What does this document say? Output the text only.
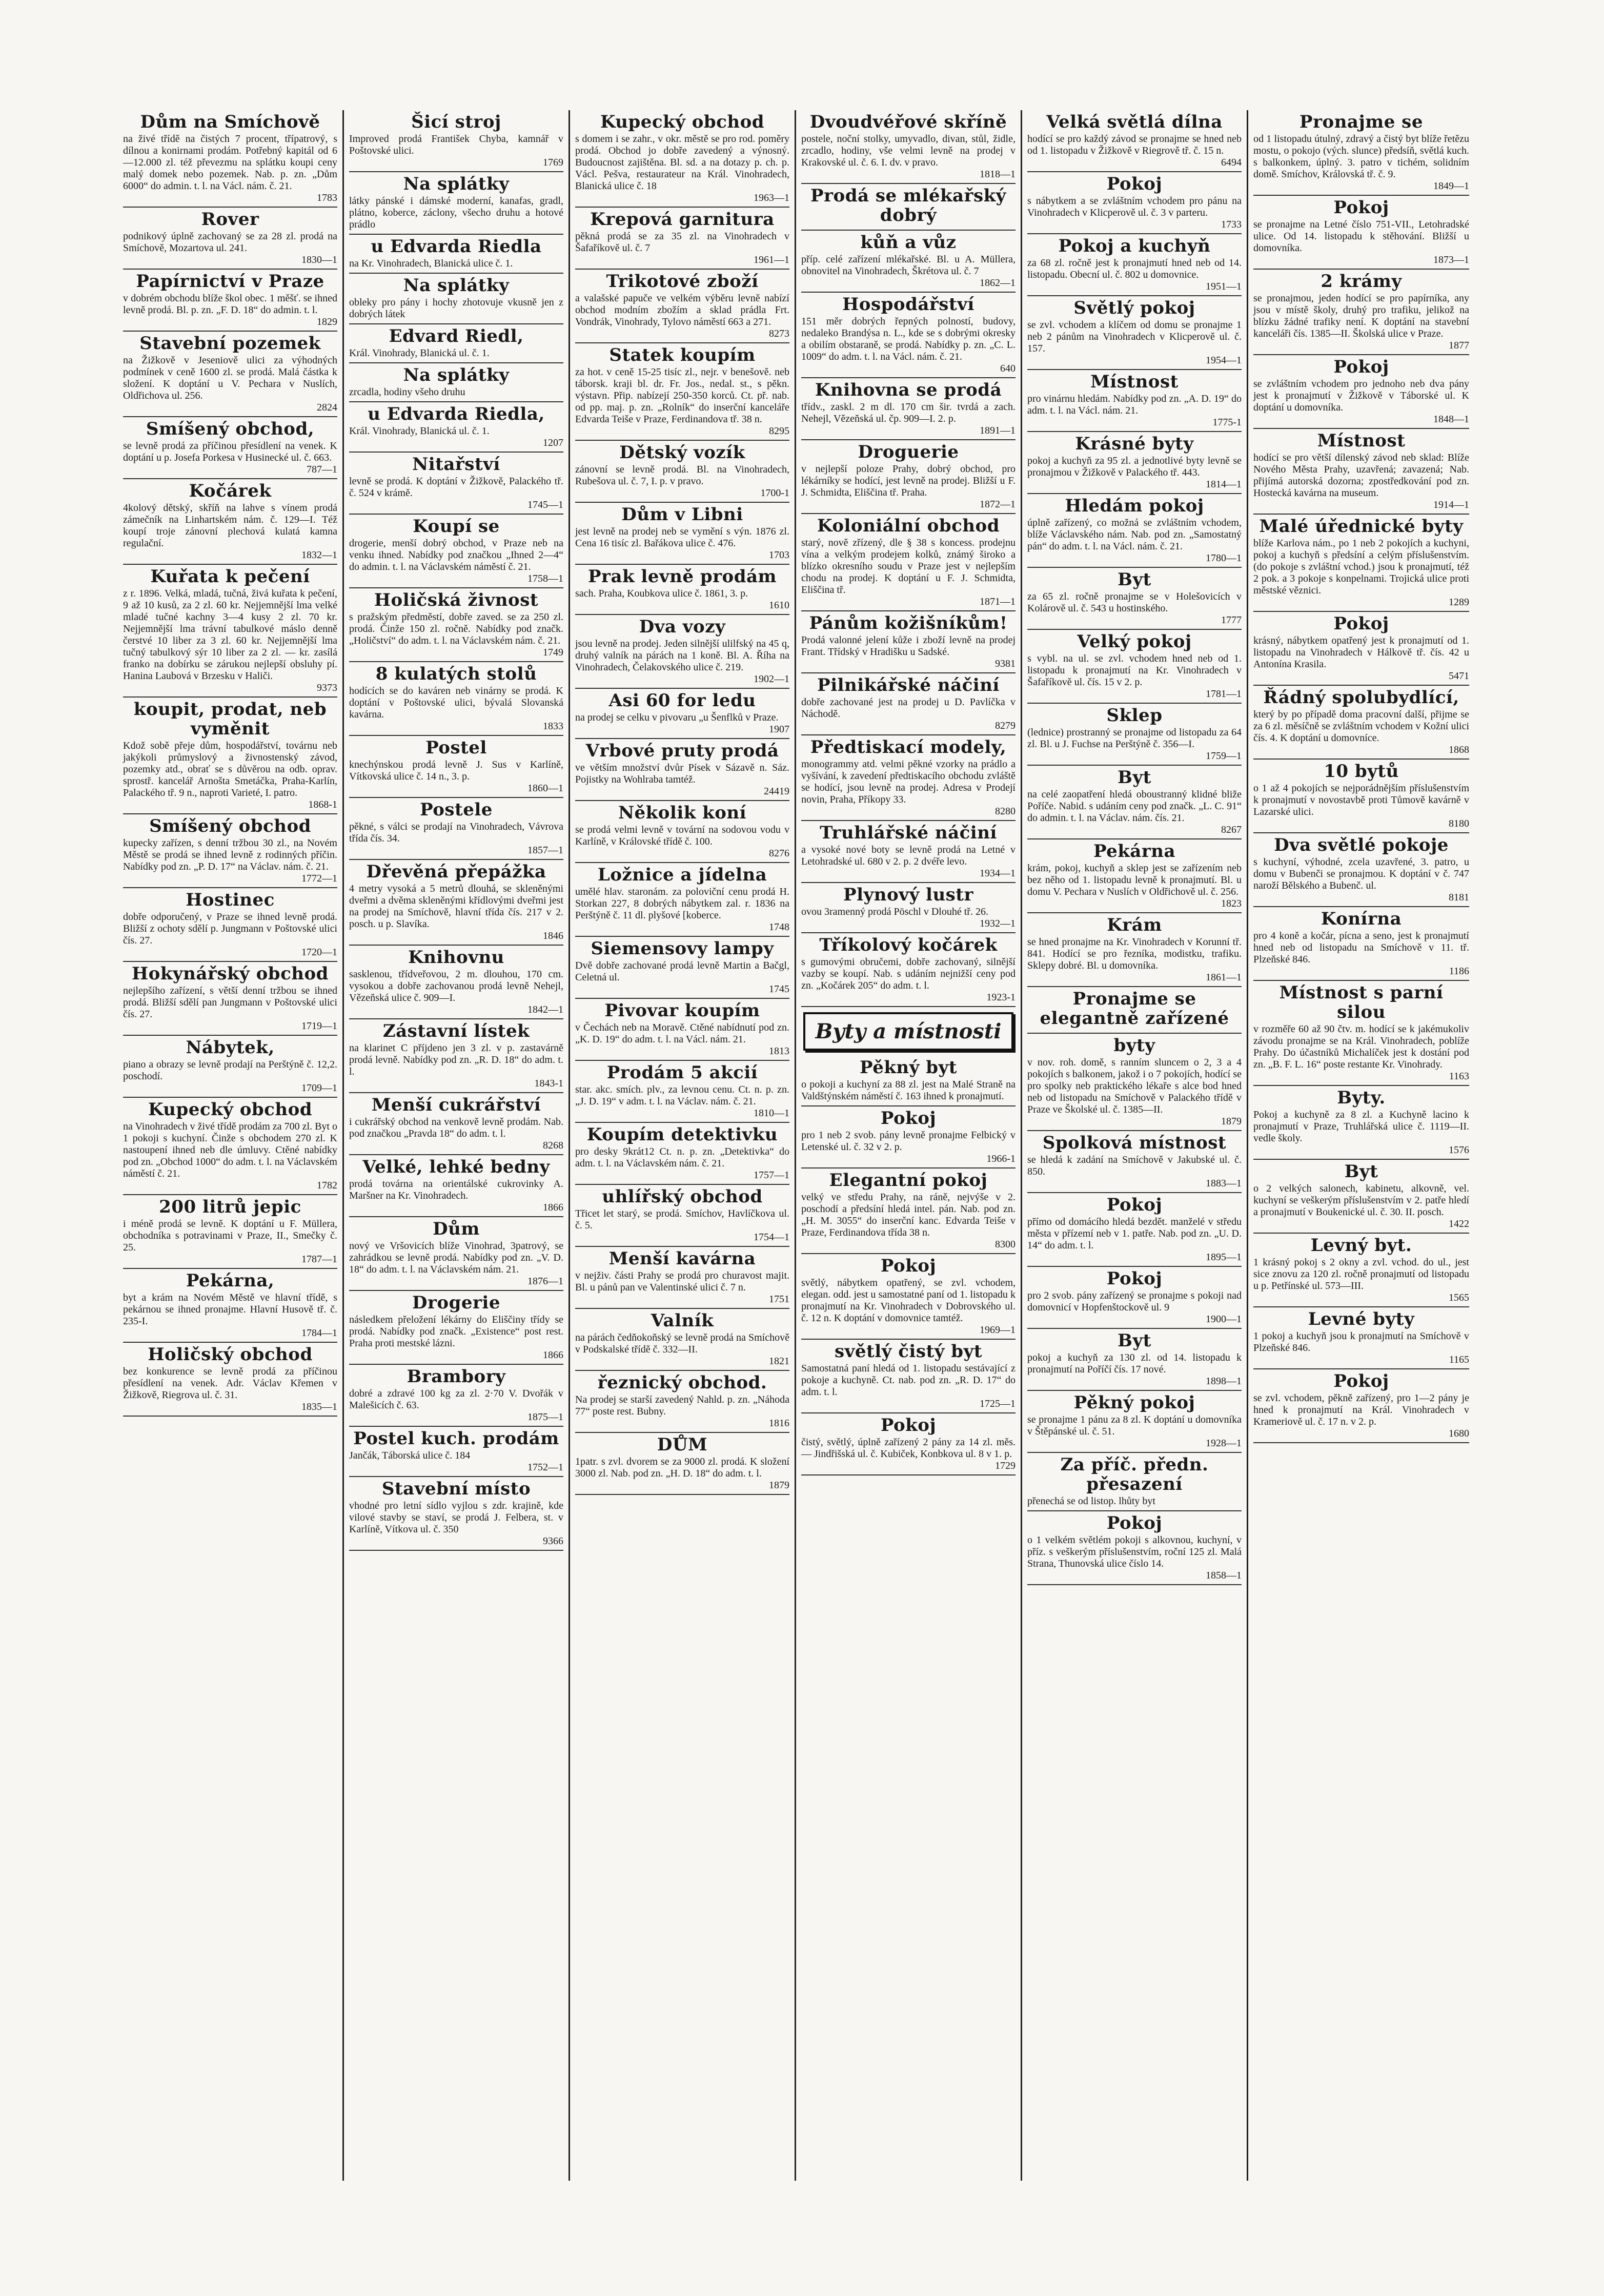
Dům na Smíchově

na živé třídě na čistých 7 procent, třípatrový, s dílnou a konirnami prodám. Potřebný kapitál od 6—12.000 zl. též převezmu na splátku koupi ceny malý domek nebo pozemek. Nab. p. zn. „Dům 6000“ do admin. t. l. na Václ. nám. č. 21.

1783
Rover

podnikový úplně zachovaný se za 28 zl. prodá na Smíchově, Mozartova ul. 241.

1830—1
Papírnictví v Praze

v dobrém obchodu blíže škol obec. 1 měšť. se ihned levně prodá. Bl. p. zn. „F. D. 18“ do admin. t. l.

1829
Stavební pozemek

na Žižkově v Jeseniově ulici za výhodných podmínek v ceně 1600 zl. se prodá. Malá částka k složení. K doptání u V. Pechara v Nuslích, Oldřichova ul. 256.

2824
Smíšený obchod,

se levně prodá za příčinou přesídlení na venek. K doptání u p. Josefa Porkesa v Husinecké ul. č. 663.

787—1
Kočárek

4kolový dětský, skříň na lahve s vínem prodá zámečník na Linhartském nám. č. 129—I. Též koupí troje zánovní plechová kulatá kamna regulační.

1832—1
Kuřata k pečení

z r. 1896. Velká, mladá, tučná, živá kuřata k pečení, 9 až 10 kusů, za 2 zl. 60 kr. Nejjemnější lma velké mladé tučné kachny 3—4 kusy 2 zl. 70 kr. Nejjemnější lma trávní tabulkové máslo denně čerstvé 10 liber za 3 zl. 60 kr. Nejjemnější lma tučný tabulkový sýr 10 liber za 2 zl. — kr. zasílá franko na dobírku se zárukou nejlepší obsluhy pí. Hanina Laubová v Brzesku v Haliči.

9373
koupit, prodat, neb vyměnit

Kdož sobě přeje dům, hospodářství, továrnu neb jakýkoli průmyslový a živnostenský závod, pozemky atd., obrať se s důvěrou na odb. oprav. sprostř. kancelář Arnošta Smetáčka, Praha-Karlín, Palackého tř. 9 n., naproti Varieté, I. patro.

1868-1
Smíšený obchod

kupecky zařízen, s denní tržbou 30 zl., na Novém Městě se prodá se ihned levně z rodinných příčin. Nabídky pod zn. „P. D. 17“ na Václav. nám. č. 21.

1772—1
Hostinec

dobře odporučený, v Praze se ihned levně prodá. Bližší z ochoty sdělí p. Jungmann v Poštovské ulici čís. 27.

1720—1
Hokynářský obchod

nejlepšího zařízení, s větší denní tržbou se ihned prodá. Bližší sdělí pan Jungmann v Poštovské ulici čís. 27.

1719—1
Nábytek,

piano a obrazy se levně prodají na Perštýně č. 12,2. poschodí.

1709—1
Kupecký obchod

na Vinohradech v živé třídě prodám za 700 zl. Byt o 1 pokoji s kuchyní. Činže s obchodem 270 zl. K nastoupení ihned neb dle úmluvy. Ctěné nabídky pod zn. „Obchod 1000“ do adm. t. l. na Václavském náměstí č. 21.

1782
200 litrů jepic

i méně prodá se levně. K doptání u F. Müllera, obchodníka s potravinami v Praze, II., Smečky č. 25.

1787—1
Pekárna,

byt a krám na Novém Městě ve hlavní třídě, s pekárnou se ihned pronajme. Hlavní Husově tř. č. 235-I.

1784—1
Holičský obchod

bez konkurence se levně prodá za příčinou přesídlení na venek. Adr. Václav Křemen v Žižkově, Riegrova ul. č. 31.

1835—1
Šicí stroj

Improved prodá František Chyba, kamnář v Poštovské ulici.

1769
Na splátky

látky pánské i dámské moderní, kanafas, gradl, plátno, koberce, záclony, všecho druhu a hotové prádlo

u Edvarda Riedla

na Kr. Vinohradech, Blanická ulice č. 1.

Na splátky

obleky pro pány i hochy zhotovuje vkusně jen z dobrých látek

Edvard Riedl,

Král. Vinohrady, Blanická ul. č. 1.

Na splátky

zrcadla, hodiny všeho druhu

u Edvarda Riedla,

Král. Vinohrady, Blanická ul. č. 1.

1207
Nitařství

levně se prodá. K doptání v Žižkově, Palackého tř. č. 524 v krámě.

1745—1
Koupí se

drogerie, menší dobrý obchod, v Praze neb na venku ihned. Nabídky pod značkou „Ihned 2—4“ do admin. t. l. na Václavském náměstí č. 21.

1758—1
Holičská živnost

s pražským předměstí, dobře zaved. se za 250 zl. prodá. Činže 150 zl. ročně. Nabídky pod značk. „Holičství“ do adm. t. l. na Václavském nám. č. 21.

1749
8 kulatých stolů

hodících se do kaváren neb vinárny se prodá. K doptání v Poštovské ulici, bývalá Slovanská kavárna.

1833
Postel

knechýnskou prodá levně J. Sus v Karlíně, Vítkovská ulice č. 14 n., 3. p.

1860—1
Postele

pěkné, s válci se prodají na Vinohradech, Vávrova třída čís. 34.

1857—1
Dřevěná přepážka

4 metry vysoká a 5 metrů dlouhá, se skleněnými dveřmi a dvěma skleněnými křídlovými dveřmi jest na prodej na Smíchově, hlavní třída čís. 217 v 2. posch. u p. Slavíka.

1846
Knihovnu

sasklenou, třídveřovou, 2 m. dlouhou, 170 cm. vysokou a dobře zachovanou prodá levně Nehejl, Vězeňská ulice č. 909—I.

1842—1
Zástavní lístek

na klarinet C příjdeno jen 3 zl. v p. zastavárně prodá levně. Nabídky pod zn. „R. D. 18“ do adm. t. l.

1843-1
Menší cukrářství

i cukrářský obchod na venkově levně prodám. Nab. pod značkou „Pravda 18“ do adm. t. l.

8268
Velké, lehké bedny

prodá továrna na orientálské cukrovinky A. Maršner na Kr. Vinohradech.

1866
Dům

nový ve Vršovicích blíže Vinohrad, 3patrový, se zahrádkou se levně prodá. Nabídky pod zn. „V. D. 18“ do adm. t. l. na Václavském nám. 21.

1876—1
Drogerie

následkem přeložení lékárny do Eliščiny třídy se prodá. Nabídky pod značk. „Existence“ post rest. Praha proti mestské lázni.

1866
Brambory

dobré a zdravé 100 kg za zl. 2·70 V. Dvořák v Malešicích č. 63.

1875—1
Postel kuch. prodám

Jančák, Táborská ulice č. 184

1752—1
Stavební místo

vhodné pro letní sídlo vyjlou s zdr. krajině, kde vilové stavby se staví, se prodá J. Felbera, st. v Karlíně, Vítkova ul. č. 350

9366
Kupecký obchod

s domem i se zahr., v okr. městě se pro rod. poměry prodá. Obchod jo dobře zavedený a výnosný. Budoucnost zajištěna. Bl. sd. a na dotazy p. ch. p. Václ. Pešva, restaurateur na Král. Vinohradech, Blanická ulice č. 18

1963—1
Krepová garnitura

pěkná prodá se za 35 zl. na Vinohradech v Šafaříkově ul. č. 7

1961—1
Trikotové zboží

a valašské papuče ve velkém výběru levně nabízí obchod modním zbožím a sklad prádla Frt. Vondrák, Vinohrady, Tylovo náměstí 663 a 271.

8273
Statek koupím

za hot. v ceně 15-25 tisíc zl., nejr. v benešově. neb táborsk. kraji bl. dr. Fr. Jos., nedal. st., s pěkn. výstavn. Přip. nabízejí 250-350 korců. Ct. př. nab. od pp. maj. p. zn. „Rolník“ do inserční kanceláře Edvarda Teiše v Praze, Ferdinandova tř. 38 n.

8295
Dětský vozík

zánovní se levně prodá. Bl. na Vinohradech, Rubešova ul. č. 7, I. p. v pravo.

1700-1
Dům v Libni

jest levně na prodej neb se vymění s výn. 1876 zl. Cena 16 tisíc zl. Bařákova ulice č. 476.

1703
Prak levně prodám

sach. Praha, Koubkova ulice č. 1861, 3. p.

1610
Dva vozy

jsou levně na prodej. Jeden silnější ulilfský na 45 q, druhý valník na párách na 1 koně. Bl. A. Říha na Vinohradech, Čelakovského ulice č. 219.

1902—1
Asi 60 for ledu

na prodej se celku v pivovaru „u Šenflků v Praze.

1907
Vrbové pruty prodá

ve větším množství dvůr Písek v Sázavě n. Sáz. Pojistky na Wohlraba tamtéž.

24419
Několik koní

se prodá velmi levně v tovární na sodovou vodu v Karlíně, v Královské třídě č. 100.

8276
Ložnice a jídelna

umělé hlav. staronám. za poloviční cenu prodá H. Storkan 227, 8 dobrých nábytkem zal. r. 1836 na Perštýně č. 11 dl. plyšové [koberce.

1748
Siemensovy lampy

Dvě dobře zachované prodá levně Martin a Bačgl, Celetná ul.

1745
Pivovar koupím

v Čechách neb na Moravě. Ctěné nabídnutí pod zn. „K. D. 19“ do adm. t. l. na Václ. nám. 21.

1813
Prodám 5 akcií

star. akc. smích. plv., za levnou cenu. Ct. n. p. zn. „J. D. 19“ v adm. t. l. na Václav. nám. č. 21.

1810—1
Koupím detektivku

pro desky 9krát12 Ct. n. p. zn. „Detektivka“ do adm. t. l. na Václavském nám. č. 21.

1757—1
uhlířský obchod

Třicet let starý, se prodá. Smíchov, Havlíčkova ul. č. 5.

1754—1
Menší kavárna

v nejživ. části Prahy se prodá pro churavost majit. Bl. u pánů pan ve Valentinské ulici č. 7 n.

1751
Valník

na párách čedňokoňský se levně prodá na Smíchově v Podskalské třídě č. 332—II.

1821
řeznický obchod.

Na prodej se starší zavedený Nahld. p. zn. „Náhoda 77“ poste rest. Bubny.

1816
DŮM

1patr. s zvl. dvorem se za 9000 zl. prodá. K složení 3000 zl. Nab. pod zn. „H. D. 18“ do adm. t. l.

1879
Dvoudvéřové skříně

postele, noční stolky, umyvadlo, divan, stůl, židle, zrcadlo, hodiny, vše velmi levně na prodej v Krakovské ul. č. 6. I. dv. v pravo.

1818—1
Prodá se mlékařský dobrý
kůň a vůz

příp. celé zařízení mlékařské. Bl. u A. Müllera, obnovitel na Vinohradech, Škrétova ul. č. 7

1862—1
Hospodářství

151 měr dobrých řepných polností, budovy, nedaleko Brandýsa n. L., kde se s dobrými okresky a obilím obstaraně, se prodá. Nabídky p. zn. „C. L. 1009“ do adm. t. l. na Václ. nám. č. 21.

640
Knihovna se prodá

třídv., zaskl. 2 m dl. 170 cm šir. tvrdá a zach. Nehejl, Vězeňská ul. čp. 909—I. 2. p.

1891—1
Droguerie

v nejlepší poloze Prahy, dobrý obchod, pro lékárníky se hodící, jest levně na prodej. Bližší u F. J. Schmidta, Eliščina tř. Praha.

1872—1
Koloniální obchod

starý, nově zřízený, dle § 38 s koncess. prodejnu vína a velkým prodejem kolků, známý široko a blízko okresního soudu v Praze jest v nejlepším chodu na prodej. K doptání u F. J. Schmidta, Eliščina tř.

1871—1
Pánům kožišníkům!

Prodá valonné jelení kůže i zboží levně na prodej Frant. Třídský v Hradišku u Sadské.

9381
Pilnikářské náčiní

dobře zachované jest na prodej u D. Pavlíčka v Náchodě.

8279
Předtiskací modely,

monogrammy atd. velmi pěkné vzorky na prádlo a vyšívání, k zavedení předtiskacího obchodu zvláště se hodící, jsou levně na prodej. Adresa v Prodejí novin, Praha, Příkopy 33.

8280
Truhlářské náčiní

a vysoké nové boty se levně prodá na Letné v Letohradské ul. 680 v 2. p. 2 dvéře levo.

1934—1
Plynový lustr

ovou 3ramenný prodá Pöschl v Dlouhé tř. 26.

1932—1
Tříkolový kočárek

s gumovými obručemi, dobře zachovaný, silnější vazby se koupí. Nab. s udáním nejnižší ceny pod zn. „Kočárek 205“ do adm. t. l.

1923-1
Byty a místnosti
Pěkný byt

o pokoji a kuchyní za 88 zl. jest na Malé Straně na Valdštýnském náměstí č. 163 ihned k pronajmutí.

Pokoj

pro 1 neb 2 svob. pány levně pronajme Felbický v Letenské ul. č. 32 v 2. p.

1966-1
Elegantní pokoj

velký ve středu Prahy, na ráně, nejvýše v 2. poschodí a předsíní hledá intel. pán. Nab. pod zn. „H. M. 3055“ do inserční kanc. Edvarda Teiše v Praze, Ferdinandova třída 38 n.

8300
Pokoj

světlý, nábytkem opatřený, se zvl. vchodem, elegan. odd. jest u samostatné paní od 1. listopadu k pronajmutí na Kr. Vinohradech v Dobrovského ul. č. 12 n. K doptání v domovnice tamtéž.

1969—1
světlý čistý byt

Samostatná paní hledá od 1. listopadu sestávající z pokoje a kuchyně. Ct. nab. pod zn. „R. D. 17“ do adm. t. l.

1725—1
Pokoj

čistý, světlý, úplně zařízený 2 pány za 14 zl. měs. — Jindřišská ul. č. Kubiček, Konbkova ul. 8 v 1. p.

1729
Velká světlá dílna

hodící se pro každý závod se pronajme se hned neb od 1. listopadu v Žižkově v Riegrově tř. č. 15 n.

6494
Pokoj

s nábytkem a se zvláštním vchodem pro pánu na Vinohradech v Klicperově ul. č. 3 v parteru.

1733
Pokoj a kuchyň

za 68 zl. ročně jest k pronajmutí hned neb od 14. listopadu. Obecní ul. č. 802 u domovnice.

1951—1
Světlý pokoj

se zvl. vchodem a klíčem od domu se pronajme 1 neb 2 pánům na Vinohradech v Klicperově ul. č. 157.

1954—1
Místnost

pro vinárnu hledám. Nabídky pod zn. „A. D. 19“ do adm. t. l. na Václ. nám. 21.

1775-1
Krásné byty

pokoj a kuchyň za 95 zl. a jednotlivé byty levně se pronajmou v Žižkově v Palackého tř. 443.

1814—1
Hledám pokoj

úplně zařízený, co možná se zvláštním vchodem, blíže Václavského nám. Nab. pod zn. „Samostatný pán“ do adm. t. l. na Václ. nám. č. 21.

1780—1
Byt

za 65 zl. ročně pronajme se v Holešovicích v Kolárově ul. č. 543 u hostinského.

1777
Velký pokoj

s vybl. na ul. se zvl. vchodem hned neb od 1. listopadu k pronajmutí na Kr. Vinohradech v Šafaříkově ul. čís. 15 v 2. p.

1781—1
Sklep

(lednice) prostranný se pronajme od listopadu za 64 zl. Bl. u J. Fuchse na Perštýně č. 356—I.

1759—1
Byt

na celé zaopatření hledá oboustranný klidné bliže Poříče. Nabid. s udáním ceny pod značk. „L. C. 91“ do admin. t. l. na Václav. nám. čís. 21.

8267
Pekárna

krám, pokoj, kuchyň a sklep jest se zařízením neb bez něho od 1. listopadu levně k pronajmutí. Bl. u domu V. Pechara v Nuslích v Oldřichově ul. č. 256.

1823
Krám

se hned pronajme na Kr. Vinohradech v Korunní tř. 841. Hodící se pro řezníka, modistku, trafiku. Sklepy dobré. Bl. u domovníka.

1861—1
Pronajme se elegantně zařízené
byty

v nov. roh. domě, s ranním sluncem o 2, 3 a 4 pokojích s balkonem, jakož i o 7 pokojích, hodící se pro spolky neb praktického lékaře s alce bod hned neb od listopadu na Smíchově v Palackého třídě v Praze ve Školské ul. č. 1385—II.

1879
Spolková místnost

se hledá k zadání na Smíchově v Jakubské ul. č. 850.

1883—1
Pokoj

přímo od domácího hledá bezdět. manželé v středu města v přízemí neb v 1. patře. Nab. pod zn. „U. D. 14“ do adm. t. l.

1895—1
Pokoj

pro 2 svob. pány zařízený se pronajme s pokoji nad domovnicí v Hopfenštockově ul. 9

1900—1
Byt

pokoj a kuchyň za 130 zl. od 14. listopadu k pronajmutí na Poříčí čís. 17 nové.

1898—1
Pěkný pokoj

se pronajme 1 pánu za 8 zl. K doptání u domovníka v Štěpánské ul. č. 51.

1928—1
Za příč. předn. přesazení

přenechá se od listop. lhůty byt

Pokoj

o 1 velkém světlém pokoji s alkovnou, kuchyní, v příz. s veškerým příslušenstvím, roční 125 zl. Malá Strana, Thunovská ulice číslo 14.

1858—1
Pronajme se

od 1 listopadu útulný, zdravý a čistý byt blíže řetězu mostu, o pokojo (vých. slunce) předsíň, světlá kuch. s balkonkem, úplný. 3. patro v tichém, solidním domě. Smíchov, Královská tř. č. 9.

1849—1
Pokoj

se pronajme na Letné číslo 751-VII., Letohradské ulice. Od 14. listopadu k stěhování. Bližší u domovníka.

1873—1
2 krámy

se pronajmou, jeden hodící se pro papírníka, any jsou v místě školy, druhý pro trafiku, jelikož na blízku žádné trafiky není. K doptání na stavební kanceláři čís. 1385—II. Školská ulice v Praze.

1877
Pokoj

se zvláštním vchodem pro jednoho neb dva pány jest k pronajmutí v Žižkově v Táborské ul. K doptání u domovníka.

1848—1
Místnost

hodící se pro větší dílenský závod neb sklad: Blíže Nového Města Prahy, uzavřená; zavazená; Nab. přijímá autorská dozorna; zpostředkování pod zn. Hostecká kavárna na museum.

1914—1
Malé úřednické byty

blíže Karlova nám., po 1 neb 2 pokojích a kuchyni, pokoj a kuchyň s předsíní a celým příslušenstvím. (do pokoje s zvláštní vchod.) jsou k pronajmutí, též 2 pok. a 3 pokoje s konpelnami. Trojická ulice proti městské věznici.

1289
Pokoj

krásný, nábytkem opatřený jest k pronajmutí od 1. listopadu na Vinohradech v Hálkově tř. čís. 42 u Antonína Krasila.

5471
Řádný spolubydlící,

který by po případě doma pracovní další, přijme se za 6 zl. měsíčně se zvláštním vchodem v Kožní ulici čís. 4. K doptání u domovníce.

1868
10 bytů

o 1 až 4 pokojích se nejporádnějším příslušenstvím k pronajmutí v novostavbě proti Tůmově kavárně v Lazarské ulici.

8180
Dva světlé pokoje

s kuchyní, výhodné, zcela uzavřené, 3. patro, u domu v Bubenči se pronajmou. K doptání v č. 747 naroží Bělského a Bubenč. ul.

8181
Konírna

pro 4 koně a kočár, pícna a seno, jest k pronajmutí hned neb od listopadu na Smíchově v 11. tř. Plzeňské 846.

1186
Místnost s parní silou

v rozměře 60 až 90 čtv. m. hodící se k jakémukoliv závodu pronajme se na Král. Vinohradech, poblíže Prahy. Do účastníků Michalíček jest k dostání pod zn. „B. F. L. 16“ poste restante Kr. Vinohrady.

1163
Byty.

Pokoj a kuchyně za 8 zl. a Kuchyně lacino k pronajmutí v Praze, Truhlářská ulice č. 1119—II. vedle školy.

1576
Byt

o 2 velkých salonech, kabinetu, alkovně, vel. kuchyní se veškerým příslušenstvím v 2. patře hledí a pronajmutí v Boukenické ul. č. 30. II. posch.

1422
Levný byt.

1 krásný pokoj s 2 okny a zvl. vchod. do ul., jest sice znovu za 120 zl. ročně pronajmutí od listopadu u p. Petřínské ul. 573—III.

1565
Levné byty

1 pokoj a kuchyň jsou k pronajmutí na Smíchově v Plzeňské 846.

1165
Pokoj

se zvl. vchodem, pěkně zařízený, pro 1—2 pány je hned k pronajmutí na Král. Vinohradech v Krameriově ul. č. 17 n. v 2. p.

1680
